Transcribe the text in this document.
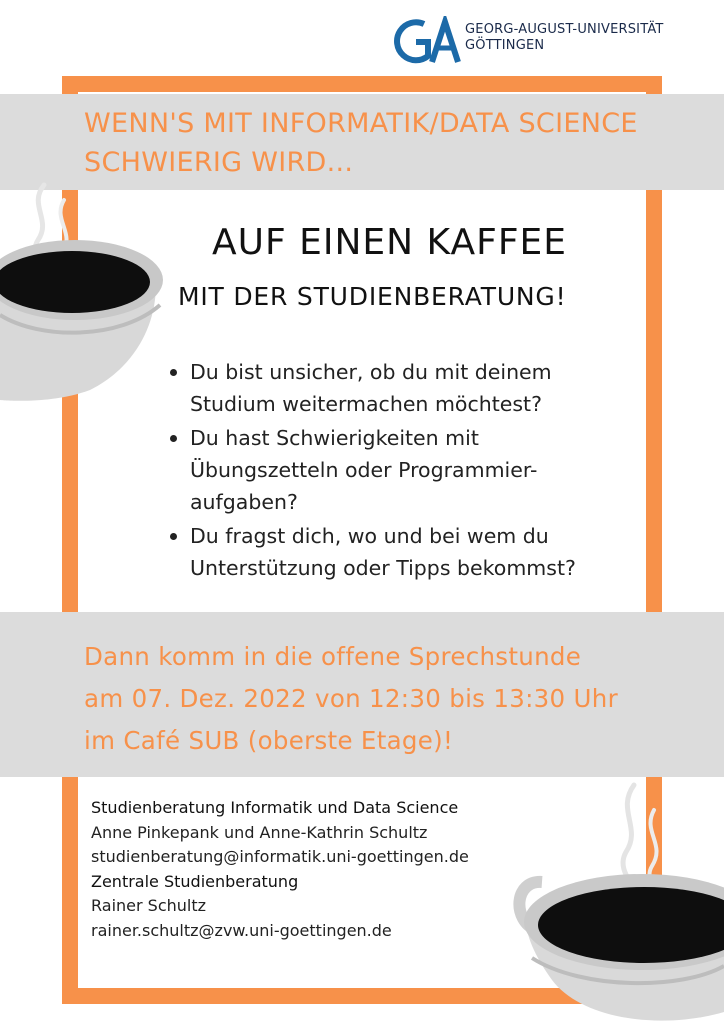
GEORG-AUGUST-UNIVERSITÄT
GÖTTINGEN
WENN'S MIT INFORMATIK/DATA SCIENCE
SCHWIERIG WIRD...
AUF EINEN KAFFEE
MIT DER STUDIENBERATUNG!
Du bist unsicher, ob du mit deinem
Studium weitermachen möchtest?
Du hast Schwierigkeiten mit
Übungszetteln oder Programmier-
aufgaben?
Du fragst dich, wo und bei wem du
Unterstützung oder Tipps bekommst?
Dann komm in die offene Sprechstunde
am 07. Dez. 2022 von 12:30 bis 13:30 Uhr
im Café SUB (oberste Etage)!
Studienberatung Informatik und Data Science
Anne Pinkepank und Anne-Kathrin Schultz
studienberatung@informatik.uni-goettingen.de
Zentrale Studienberatung
Rainer Schultz
rainer.schultz@zvw.uni-goettingen.de
